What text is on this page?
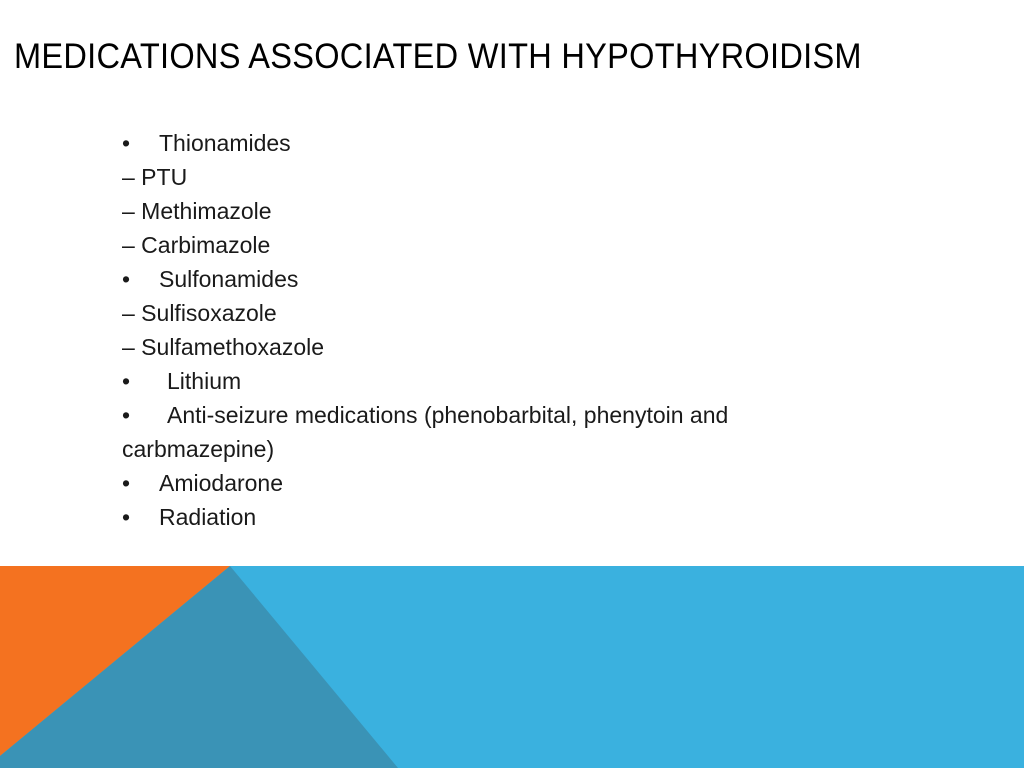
MEDICATIONS ASSOCIATED WITH HYPOTHYROIDISM
• Thionamides
– PTU
– Methimazole
– Carbimazole
• Sulfonamides
– Sulfisoxazole
– Sulfamethoxazole
• Lithium
• Anti-seizure medications (phenobarbital, phenytoin and carbmazepine)
• Amiodarone
• Radiation
